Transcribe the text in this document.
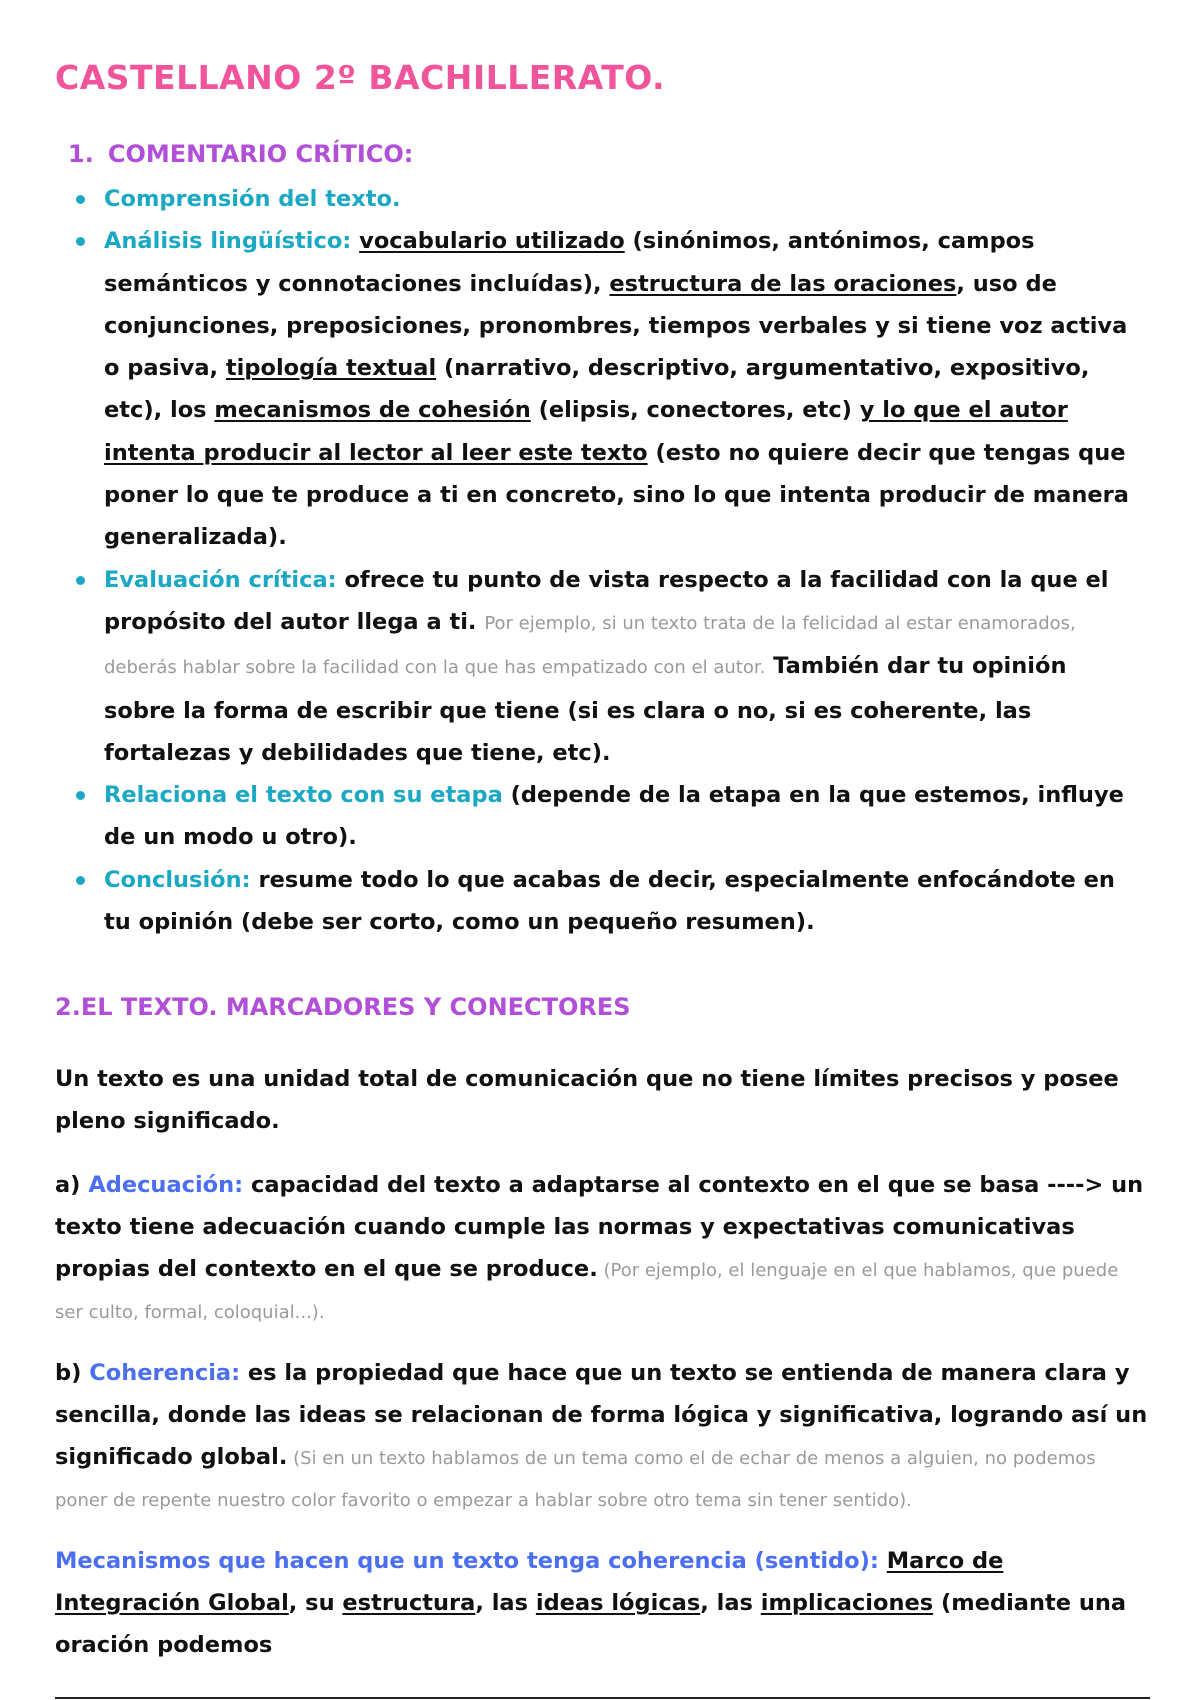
CASTELLANO 2º BACHILLERATO.
1. COMENTARIO CRÍTICO:
Comprensión del texto.
Análisis lingüístico: vocabulario utilizado (sinónimos, antónimos, campos semánticos y connotaciones incluídas), estructura de las oraciones, uso de conjunciones, preposiciones, pronombres, tiempos verbales y si tiene voz activa o pasiva, tipología textual (narrativo, descriptivo, argumentativo, expositivo, etc), los mecanismos de cohesión (elipsis, conectores, etc) y lo que el autor intenta producir al lector al leer este texto (esto no quiere decir que tengas que poner lo que te produce a ti en concreto, sino lo que intenta producir de manera generalizada).
Evaluación crítica: ofrece tu punto de vista respecto a la facilidad con la que el propósito del autor llega a ti. Por ejemplo, si un texto trata de la felicidad al estar enamorados, deberás hablar sobre la facilidad con la que has empatizado con el autor. También dar tu opinión sobre la forma de escribir que tiene (si es clara o no, si es coherente, las fortalezas y debilidades que tiene, etc).
Relaciona el texto con su etapa (depende de la etapa en la que estemos, influye de un modo u otro).
Conclusión: resume todo lo que acabas de decir, especialmente enfocándote en tu opinión (debe ser corto, como un pequeño resumen).
2.EL TEXTO. MARCADORES Y CONECTORES

Un texto es una unidad total de comunicación que no tiene límites precisos y posee pleno significado.

a) Adecuación: capacidad del texto a adaptarse al contexto en el que se basa ----> un texto tiene adecuación cuando cumple las normas y expectativas comunicativas propias del contexto en el que se produce. (Por ejemplo, el lenguaje en el que hablamos, que puede ser culto, formal, coloquial...).

b) Coherencia: es la propiedad que hace que un texto se entienda de manera clara y sencilla, donde las ideas se relacionan de forma lógica y significativa, logrando así un significado global. (Si en un texto hablamos de un tema como el de echar de menos a alguien, no podemos poner de repente nuestro color favorito o empezar a hablar sobre otro tema sin tener sentido).

Mecanismos que hacen que un texto tenga coherencia (sentido): Marco de Integración Global, su estructura, las ideas lógicas, las implicaciones (mediante una oración podemos
